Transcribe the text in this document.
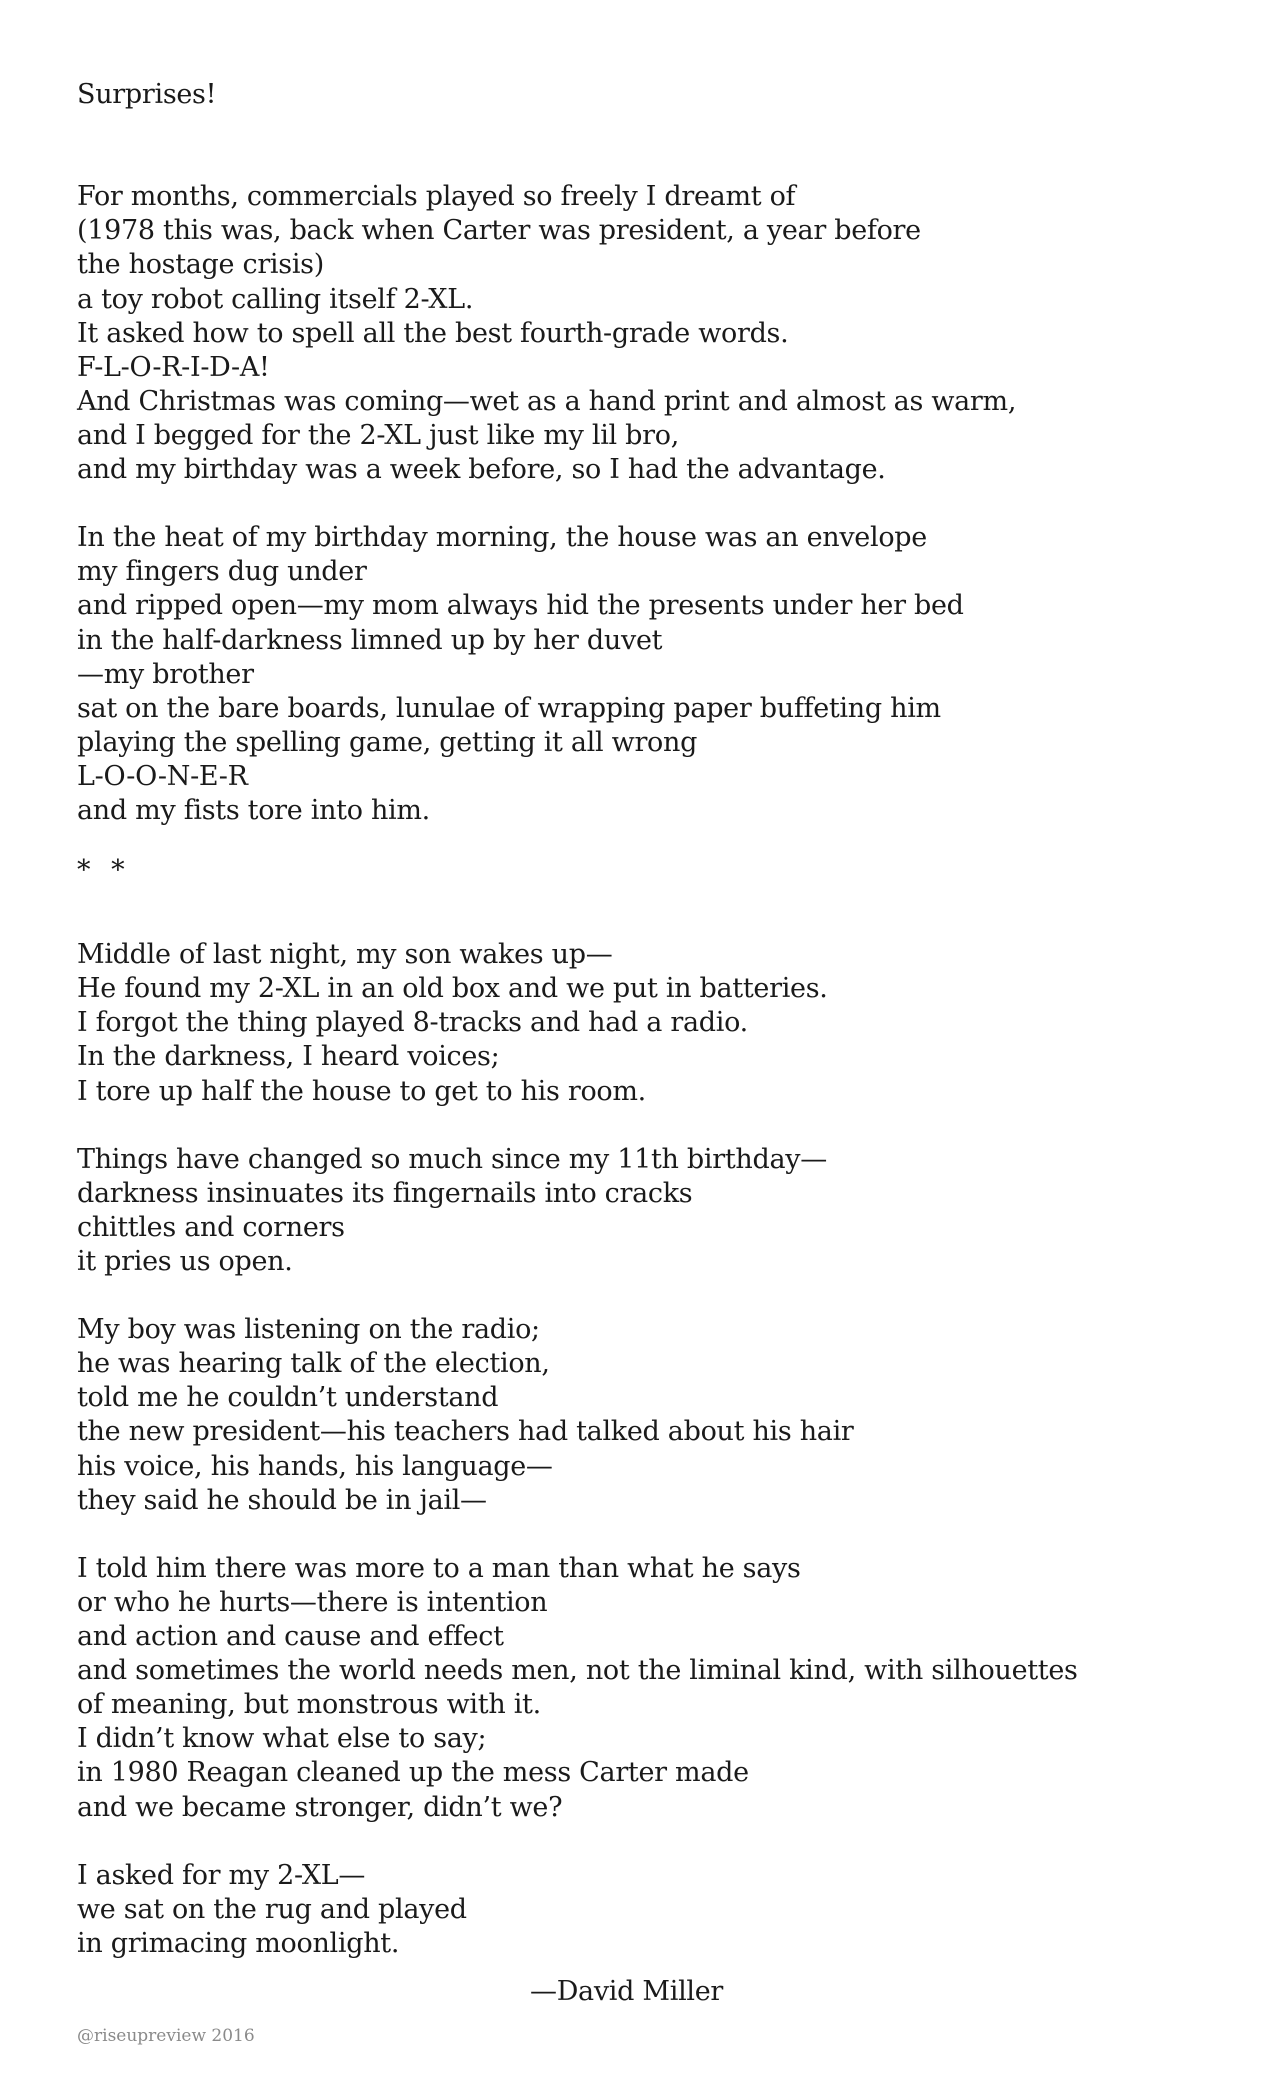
Surprises!
For months, commercials played so freely I dreamt of
(1978 this was, back when Carter was president, a year before
the hostage crisis)
a toy robot calling itself 2-XL.
It asked how to spell all the best fourth-grade words.
F-L-O-R-I-D-A!
And Christmas was coming—wet as a hand print and almost as warm,
and I begged for the 2-XL just like my lil bro,
and my birthday was a week before, so I had the advantage.
In the heat of my birthday morning, the house was an envelope
my fingers dug under
and ripped open—my mom always hid the presents under her bed
in the half-darkness limned up by her duvet
—my brother
sat on the bare boards, lunulae of wrapping paper buffeting him
playing the spelling game, getting it all wrong
L-O-O-N-E-R
and my fists tore into him.
* *
Middle of last night, my son wakes up—
He found my 2-XL in an old box and we put in batteries.
I forgot the thing played 8-tracks and had a radio.
In the darkness, I heard voices;
I tore up half the house to get to his room.
Things have changed so much since my 11th birthday—
darkness insinuates its fingernails into cracks
chittles and corners
it pries us open.
My boy was listening on the radio;
he was hearing talk of the election,
told me he couldn’t understand
the new president—his teachers had talked about his hair
his voice, his hands, his language—
they said he should be in jail—
I told him there was more to a man than what he says
or who he hurts—there is intention
and action and cause and effect
and sometimes the world needs men, not the liminal kind, with silhouettes
of meaning, but monstrous with it.
I didn’t know what else to say;
in 1980 Reagan cleaned up the mess Carter made
and we became stronger, didn’t we?
I asked for my 2-XL—
we sat on the rug and played
in grimacing moonlight.
—David Miller
@riseupreview 2016
